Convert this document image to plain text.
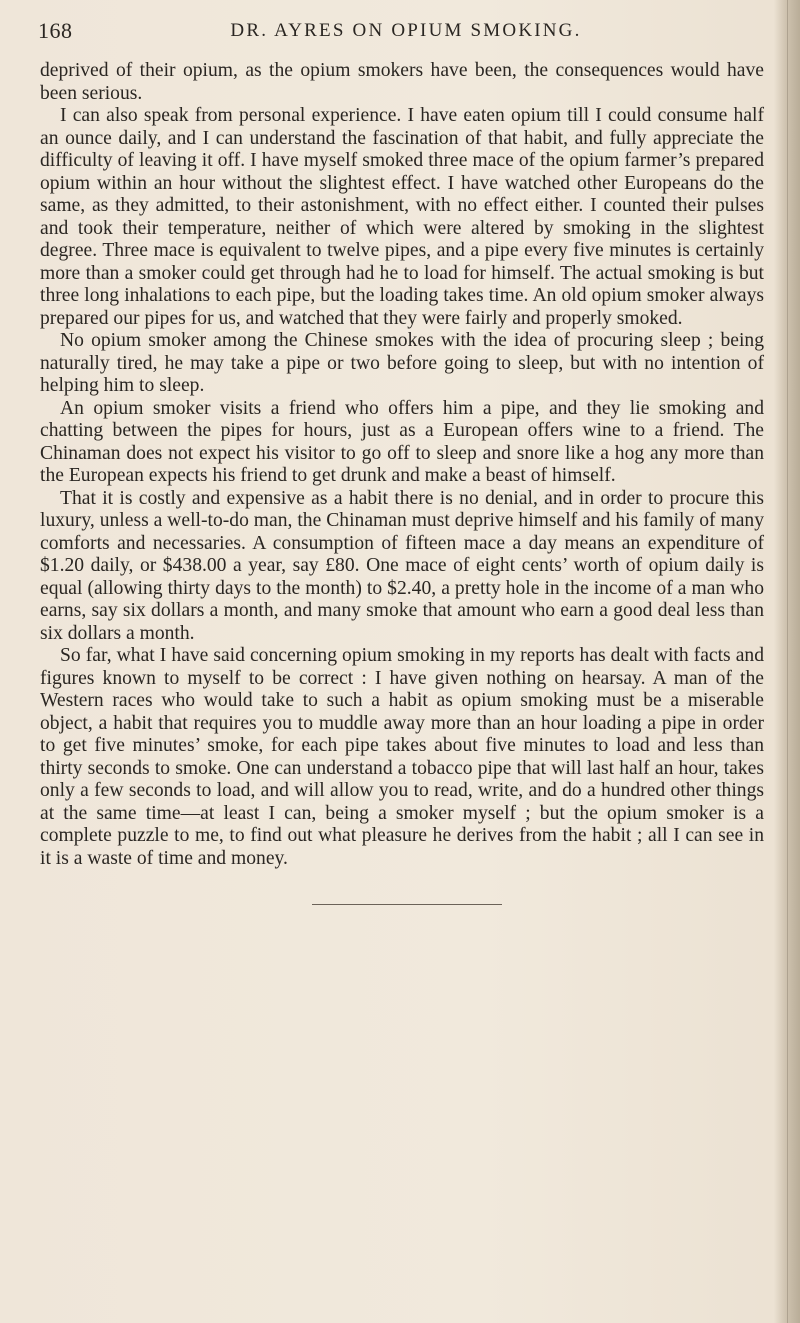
168	DR. AYRES ON OPIUM SMOKING.

deprived of their opium, as the opium smokers have been, the consequences would have been serious.

I can also speak from personal experience. I have eaten opium till I could consume half an ounce daily, and I can understand the fascination of that habit, and fully appreciate the difficulty of leaving it off. I have myself smoked three mace of the opium farmer’s prepared opium within an hour without the slightest effect. I have watched other Europeans do the same, as they admitted, to their astonishment, with no effect either. I counted their pulses and took their temperature, neither of which were altered by smoking in the slightest degree. Three mace is equivalent to twelve pipes, and a pipe every five minutes is certainly more than a smoker could get through had he to load for himself. The actual smoking is but three long inhalations to each pipe, but the loading takes time. An old opium smoker always prepared our pipes for us, and watched that they were fairly and properly smoked.

No opium smoker among the Chinese smokes with the idea of procuring sleep ; being naturally tired, he may take a pipe or two before going to sleep, but with no intention of helping him to sleep.

An opium smoker visits a friend who offers him a pipe, and they lie smoking and chatting between the pipes for hours, just as a European offers wine to a friend. The Chinaman does not expect his visitor to go off to sleep and snore like a hog any more than the European expects his friend to get drunk and make a beast of himself.

That it is costly and expensive as a habit there is no denial, and in order to procure this luxury, unless a well-to-do man, the Chinaman must deprive himself and his family of many comforts and necessaries. A consumption of fifteen mace a day means an expenditure of $1.20 daily, or $438.00 a year, say £80. One mace of eight cents’ worth of opium daily is equal (allowing thirty days to the month) to $2.40, a pretty hole in the income of a man who earns, say six dollars a month, and many smoke that amount who earn a good deal less than six dollars a month.

So far, what I have said concerning opium smoking in my reports has dealt with facts and figures known to myself to be correct : I have given nothing on hearsay. A man of the Western races who would take to such a habit as opium smoking must be a miserable object, a habit that requires you to muddle away more than an hour loading a pipe in order to get five minutes’ smoke, for each pipe takes about five minutes to load and less than thirty seconds to smoke. One can understand a tobacco pipe that will last half an hour, takes only a few seconds to load, and will allow you to read, write, and do a hundred other things at the same time—at least I can, being a smoker myself ; but the opium smoker is a complete puzzle to me, to find out what pleasure he derives from the habit ; all I can see in it is a waste of time and money.
